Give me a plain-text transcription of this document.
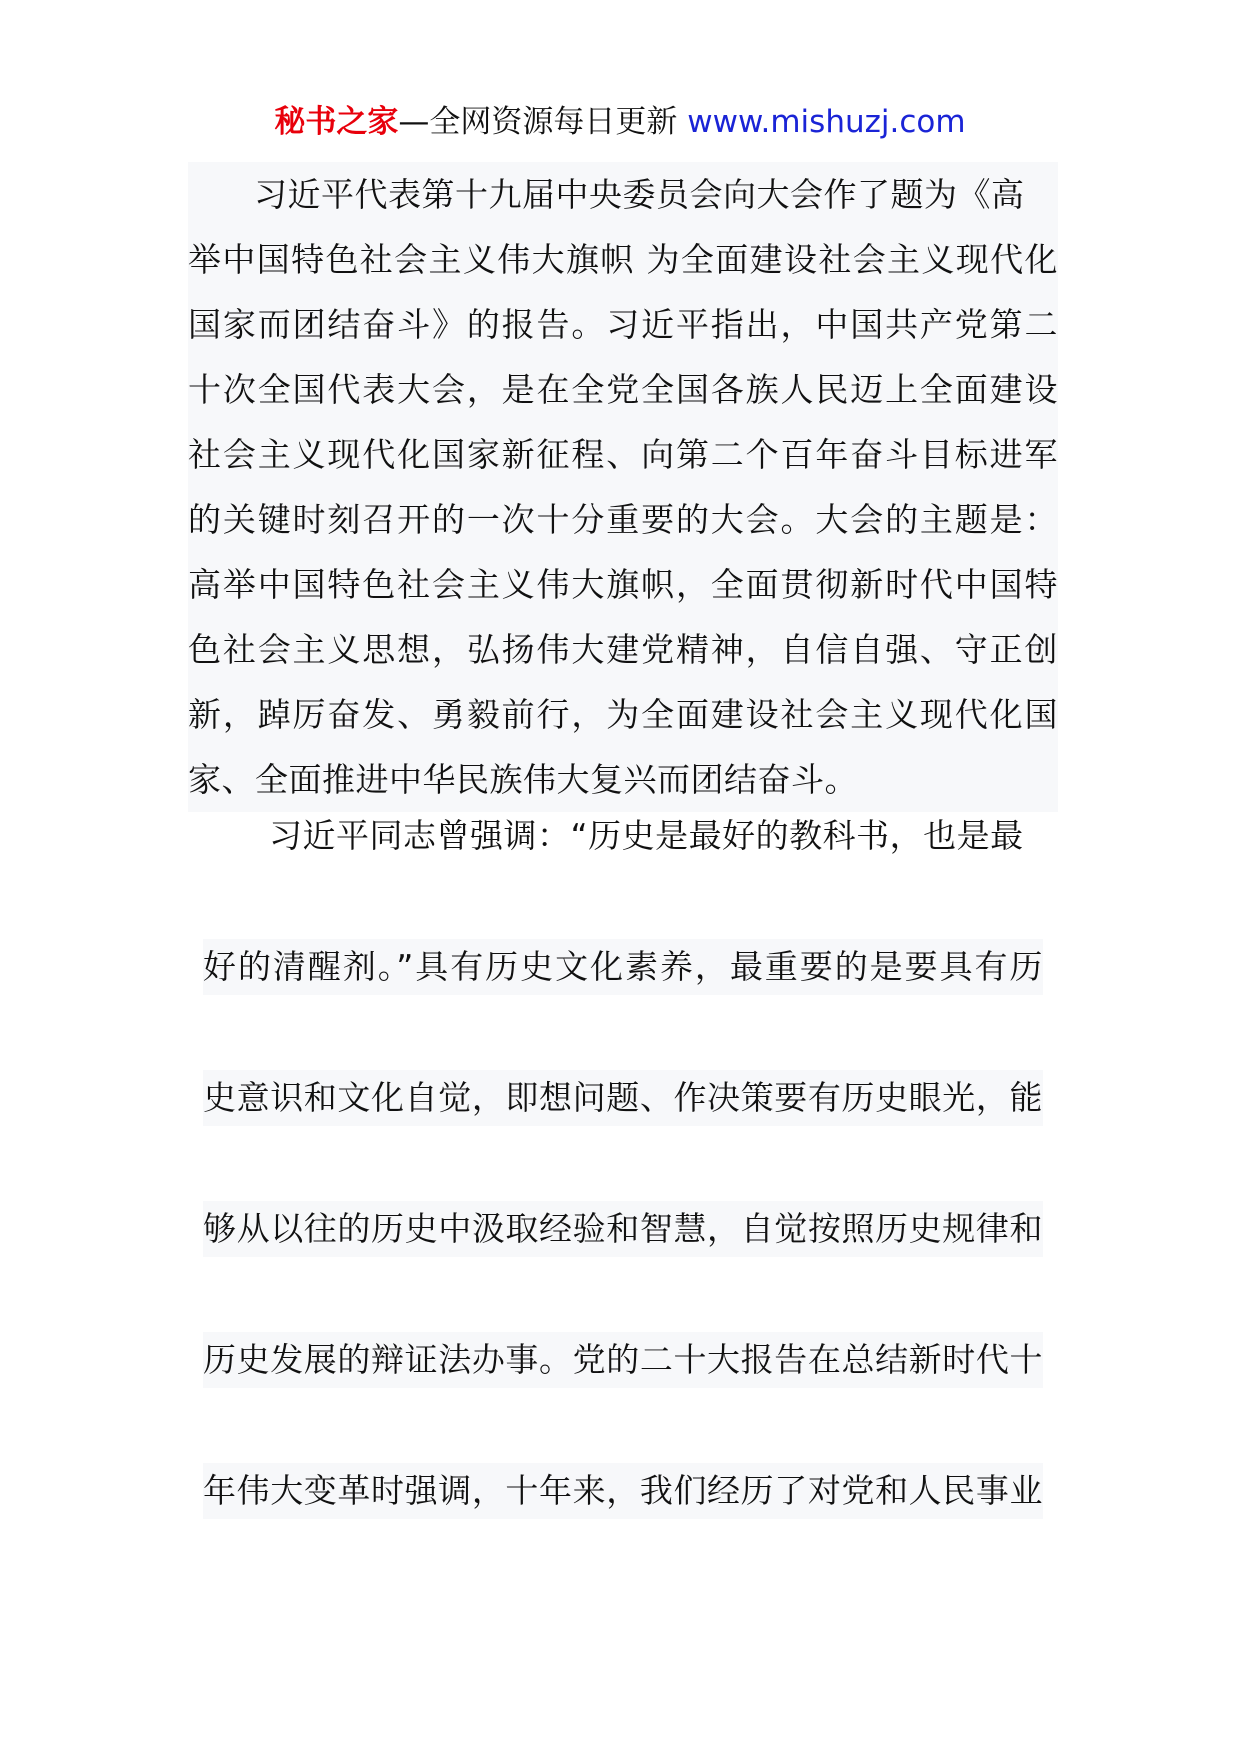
秘书之家—全网资源每日更新 www.mishuzj.com
习近平代表第十九届中央委员会向大会作了题为《高
举中国特色社会主义伟大旗帜 为全面建设社会主义现代化
国家而团结奋斗》的报告。习近平指出，中国共产党第二
十次全国代表大会，是在全党全国各族人民迈上全面建设
社会主义现代化国家新征程、向第二个百年奋斗目标进军
的关键时刻召开的一次十分重要的大会。大会的主题是：
高举中国特色社会主义伟大旗帜，全面贯彻新时代中国特
色社会主义思想，弘扬伟大建党精神，自信自强、守正创
新，踔厉奋发、勇毅前行，为全面建设社会主义现代化国
家、全面推进中华民族伟大复兴而团结奋斗。
习近平同志曾强调：“历史是最好的教科书，也是最
好的清醒剂。”具有历史文化素养，最重要的是要具有历
史意识和文化自觉，即想问题、作决策要有历史眼光，能
够从以往的历史中汲取经验和智慧，自觉按照历史规律和
历史发展的辩证法办事。党的二十大报告在总结新时代十
年伟大变革时强调，十年来，我们经历了对党和人民事业
